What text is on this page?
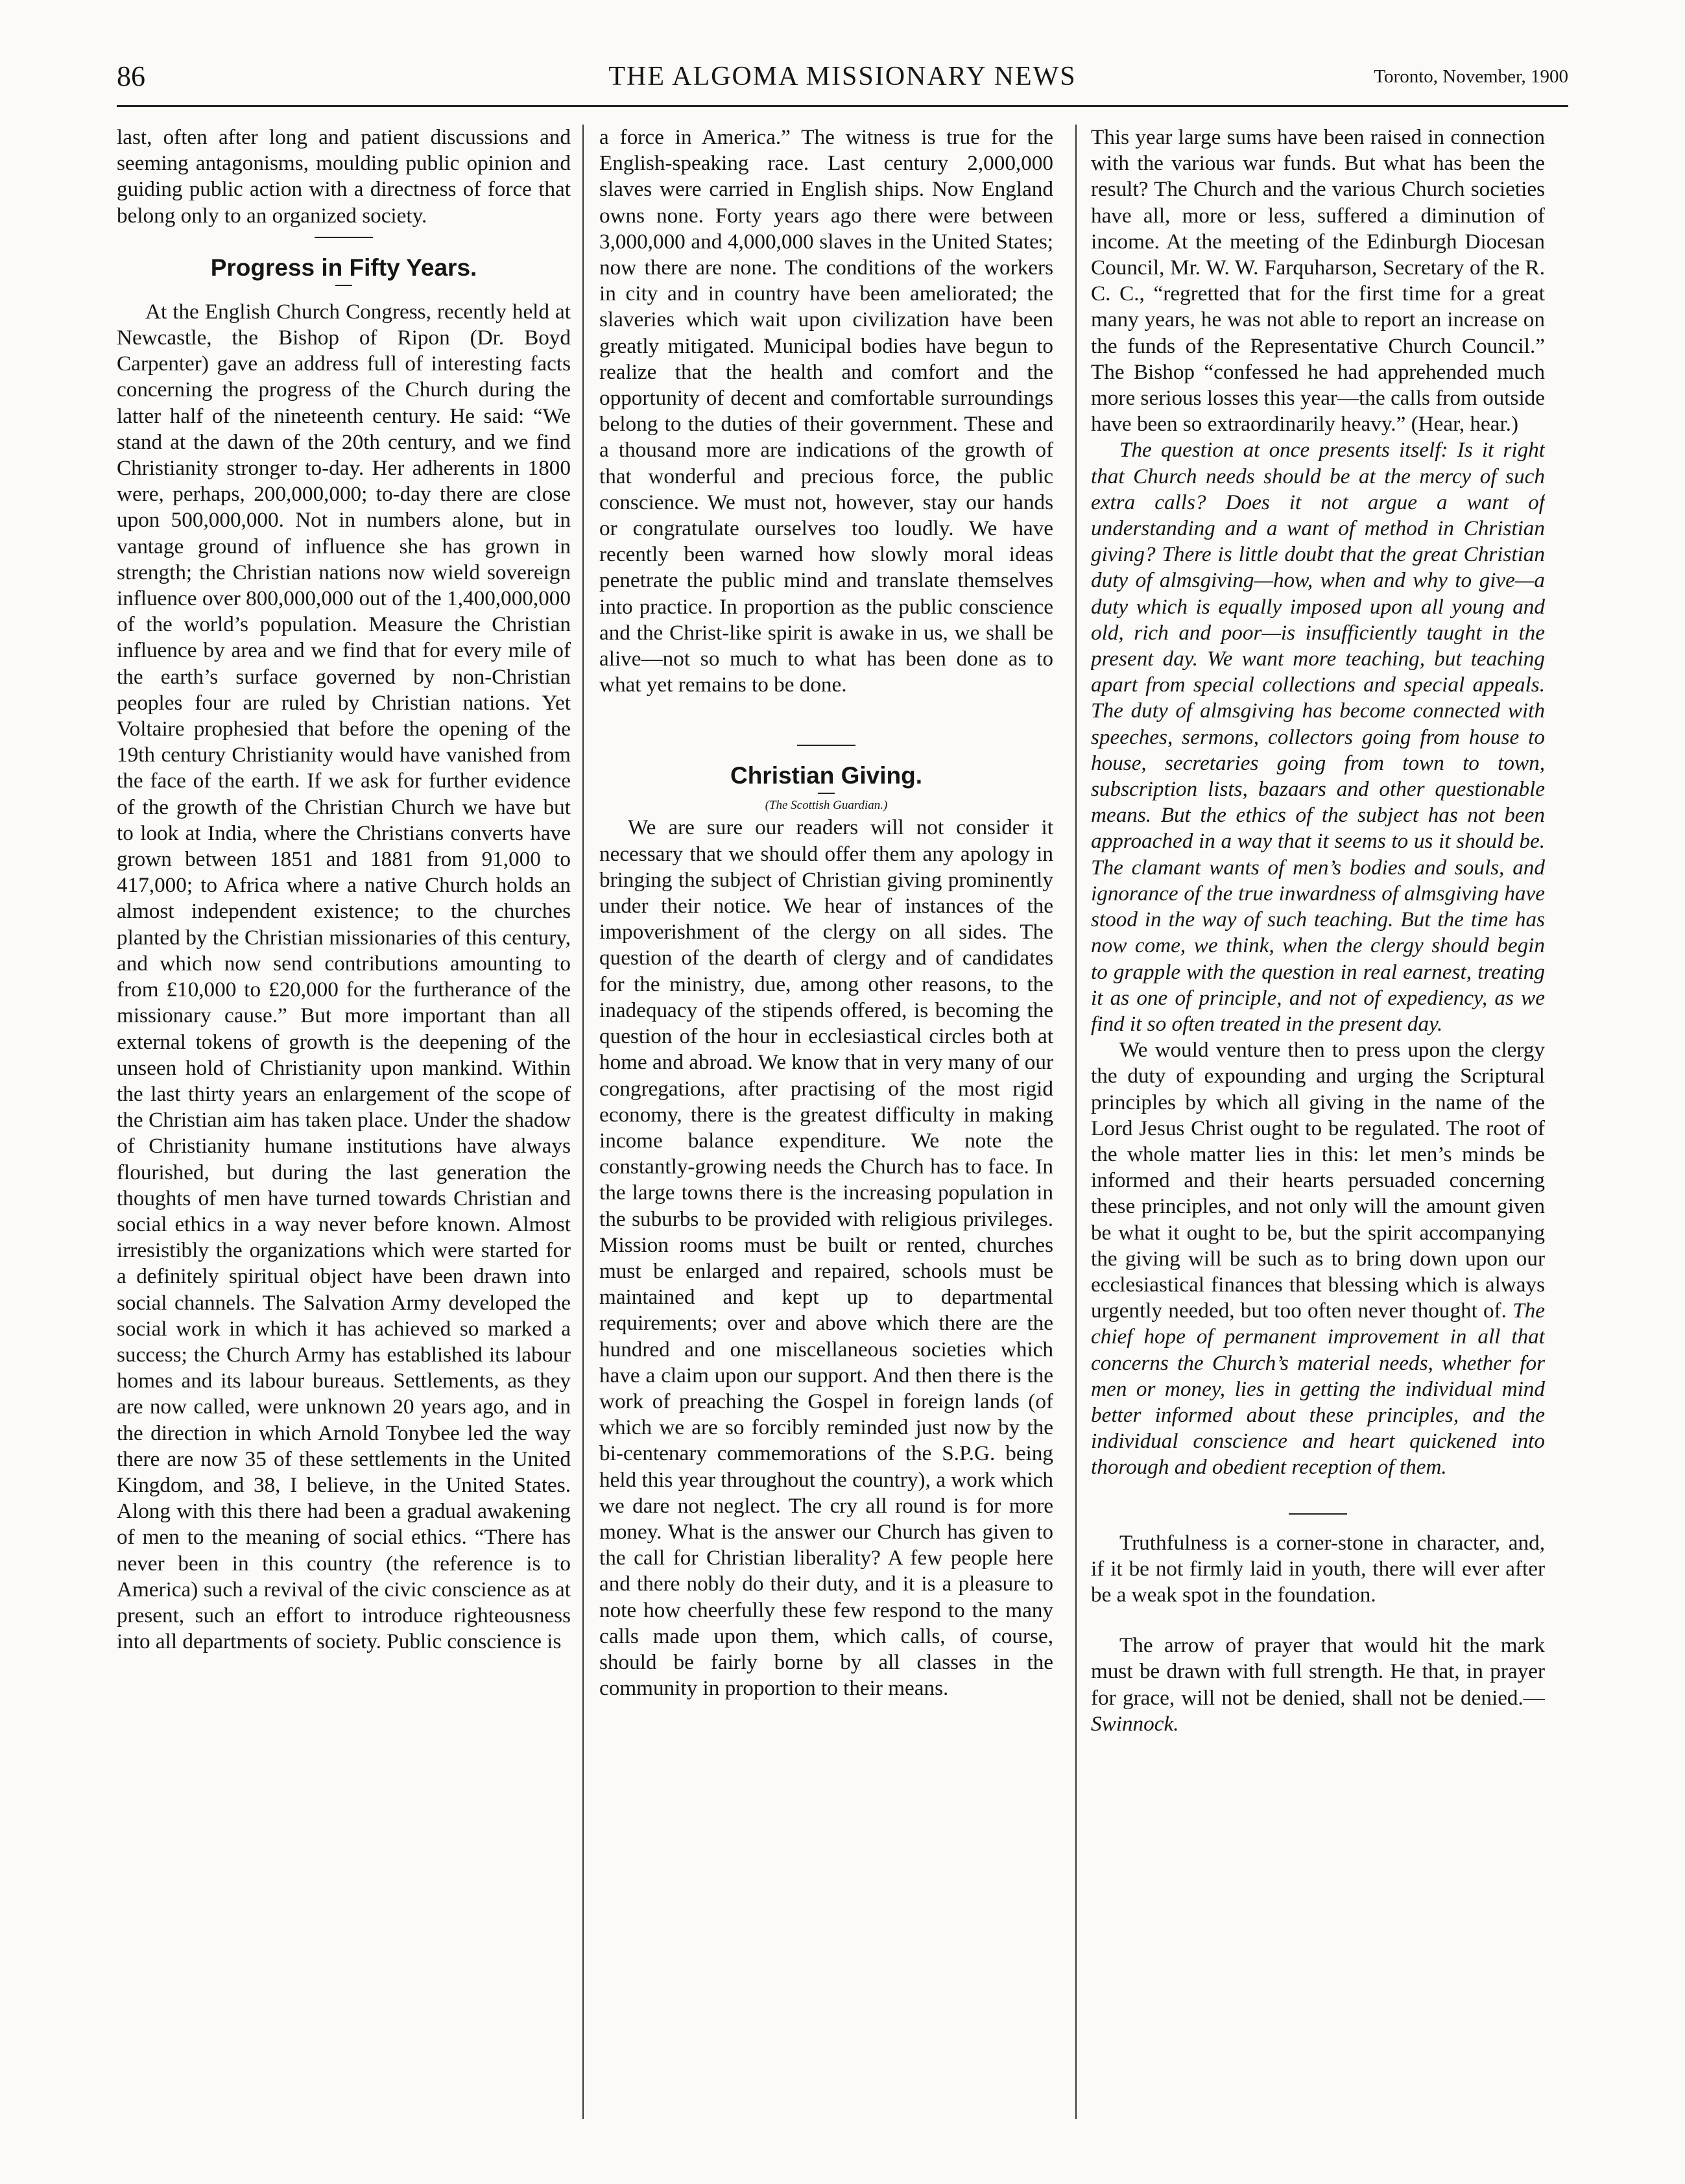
86	THE ALGOMA MISSIONARY NEWS	Toronto, November, 1900

last, often after long and patient discussions and seeming antagonisms, moulding public opinion and guiding public action with a directness of force that belong only to an organized society.

Progress in Fifty Years.

At the English Church Congress, recently held at Newcastle, the Bishop of Ripon (Dr. Boyd Carpenter) gave an address full of interesting facts concerning the progress of the Church during the latter half of the nineteenth century. He said: “We stand at the dawn of the 20th century, and we find Christianity stronger to-day. Her adherents in 1800 were, perhaps, 200,000,000; to-day there are close upon 500,000,000. Not in numbers alone, but in vantage ground of influence she has grown in strength; the Christian nations now wield sovereign influence over 800,000,000 out of the 1,400,000,000 of the world’s population. Measure the Christian influence by area and we find that for every mile of the earth’s surface governed by non-Christian peoples four are ruled by Christian nations. Yet Voltaire prophesied that before the opening of the 19th century Christianity would have vanished from the face of the earth. If we ask for further evidence of the growth of the Christian Church we have but to look at India, where the Christians converts have grown between 1851 and 1881 from 91,000 to 417,000; to Africa where a native Church holds an almost independent existence; to the churches planted by the Christian missionaries of this century, and which now send contributions amounting to from £10,000 to £20,000 for the furtherance of the missionary cause.” But more important than all external tokens of growth is the deepening of the unseen hold of Christianity upon mankind. Within the last thirty years an enlargement of the scope of the Christian aim has taken place. Under the shadow of Christianity humane institutions have always flourished, but during the last generation the thoughts of men have turned towards Christian and social ethics in a way never before known. Almost irresistibly the organizations which were started for a definitely spiritual object have been drawn into social channels. The Salvation Army developed the social work in which it has achieved so marked a success; the Church Army has established its labour homes and its labour bureaus. Settlements, as they are now called, were unknown 20 years ago, and in the direction in which Arnold Tonybee led the way there are now 35 of these settlements in the United Kingdom, and 38, I believe, in the United States. Along with this there had been a gradual awakening of men to the meaning of social ethics. “There has never been in this country (the reference is to America) such a revival of the civic conscience as at present, such an effort to introduce righteousness into all departments of society. Public conscience is

a force in America.” The witness is true for the English-speaking race. Last century 2,000,000 slaves were carried in English ships. Now England owns none. Forty years ago there were between 3,000,000 and 4,000,000 slaves in the United States; now there are none. The conditions of the workers in city and in country have been ameliorated; the slaveries which wait upon civilization have been greatly mitigated. Municipal bodies have begun to realize that the health and comfort and the opportunity of decent and comfortable surroundings belong to the duties of their government. These and a thousand more are indications of the growth of that wonderful and precious force, the public conscience. We must not, however, stay our hands or congratulate ourselves too loudly. We have recently been warned how slowly moral ideas penetrate the public mind and translate themselves into practice. In proportion as the public conscience and the Christ-like spirit is awake in us, we shall be alive—not so much to what has been done as to what yet remains to be done.

Christian Giving.

(The Scottish Guardian.)

We are sure our readers will not consider it necessary that we should offer them any apology in bringing the subject of Christian giving prominently under their notice. We hear of instances of the impoverishment of the clergy on all sides. The question of the dearth of clergy and of candidates for the ministry, due, among other reasons, to the inadequacy of the stipends offered, is becoming the question of the hour in ecclesiastical circles both at home and abroad. We know that in very many of our congregations, after practising of the most rigid economy, there is the greatest difficulty in making income balance expenditure. We note the constantly-growing needs the Church has to face. In the large towns there is the increasing population in the suburbs to be provided with religious privileges. Mission rooms must be built or rented, churches must be enlarged and repaired, schools must be maintained and kept up to departmental requirements; over and above which there are the hundred and one miscellaneous societies which have a claim upon our support. And then there is the work of preaching the Gospel in foreign lands (of which we are so forcibly reminded just now by the bi-centenary commemorations of the S.P.G. being held this year throughout the country), a work which we dare not neglect. The cry all round is for more money. What is the answer our Church has given to the call for Christian liberality? A few people here and there nobly do their duty, and it is a pleasure to note how cheerfully these few respond to the many calls made upon them, which calls, of course, should be fairly borne by all classes in the community in proportion to their means.

This year large sums have been raised in connection with the various war funds. But what has been the result? The Church and the various Church societies have all, more or less, suffered a diminution of income. At the meeting of the Edinburgh Diocesan Council, Mr. W. W. Farquharson, Secretary of the R. C. C., “regretted that for the first time for a great many years, he was not able to report an increase on the funds of the Representative Church Council.” The Bishop “confessed he had apprehended much more serious losses this year—the calls from outside have been so extraordinarily heavy.” (Hear, hear.)

The question at once presents itself: Is it right that Church needs should be at the mercy of such extra calls? Does it not argue a want of understanding and a want of method in Christian giving? There is little doubt that the great Christian duty of almsgiving—how, when and why to give—a duty which is equally imposed upon all young and old, rich and poor—is insufficiently taught in the present day. We want more teaching, but teaching apart from special collections and special appeals. The duty of almsgiving has become connected with speeches, sermons, collectors going from house to house, secretaries going from town to town, subscription lists, bazaars and other questionable means. But the ethics of the subject has not been approached in a way that it seems to us it should be. The clamant wants of men’s bodies and souls, and ignorance of the true inwardness of almsgiving have stood in the way of such teaching. But the time has now come, we think, when the clergy should begin to grapple with the question in real earnest, treating it as one of principle, and not of expediency, as we find it so often treated in the present day.

We would venture then to press upon the clergy the duty of expounding and urging the Scriptural principles by which all giving in the name of the Lord Jesus Christ ought to be regulated. The root of the whole matter lies in this: let men’s minds be informed and their hearts persuaded concerning these principles, and not only will the amount given be what it ought to be, but the spirit accompanying the giving will be such as to bring down upon our ecclesiastical finances that blessing which is always urgently needed, but too often never thought of. The chief hope of permanent improvement in all that concerns the Church’s material needs, whether for men or money, lies in getting the individual mind better informed about these principles, and the individual conscience and heart quickened into thorough and obedient reception of them.

Truthfulness is a corner-stone in character, and, if it be not firmly laid in youth, there will ever after be a weak spot in the foundation.

The arrow of prayer that would hit the mark must be drawn with full strength. He that, in prayer for grace, will not be denied, shall not be denied.—Swinnock.
